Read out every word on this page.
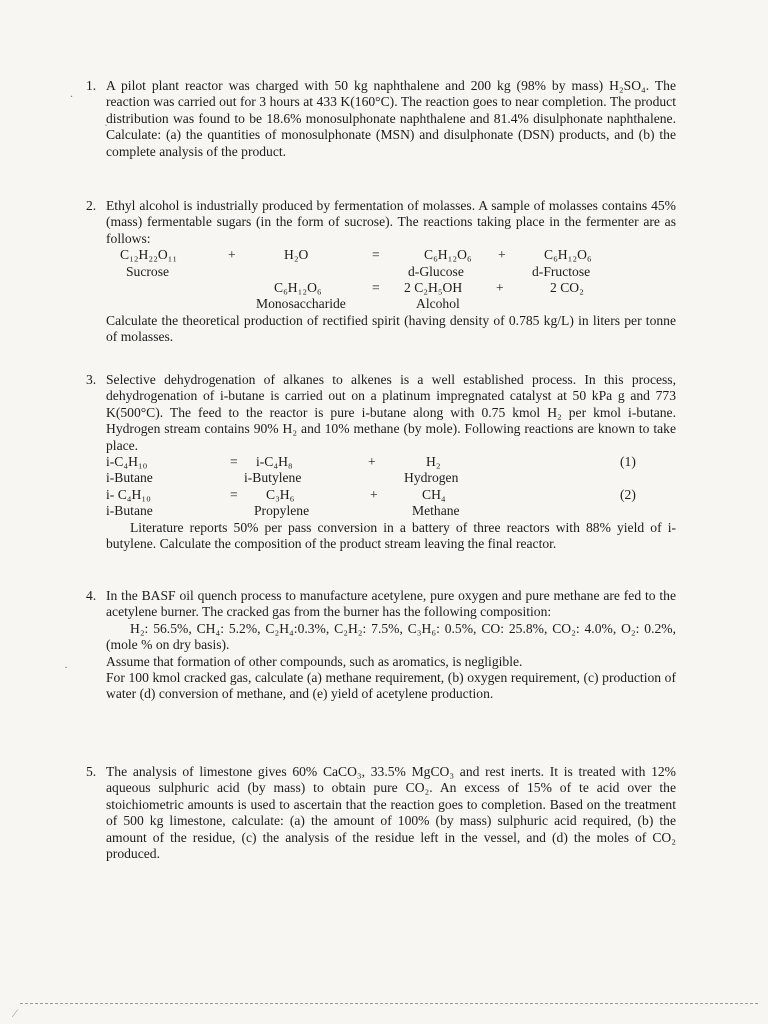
.
·
·
1. A pilot plant reactor was charged with 50 kg naphthalene and 200 kg (98% by mass) H₂SO₄. The reaction was carried out for 3 hours at 433 K(160°C). The reaction goes to near completion. The product distribution was found to be 18.6% monosulphonate naphthalene and 81.4% disulphonate naphthalene. Calculate: (a) the quantities of monosulphonate (MSN) and disulphonate (DSN) products, and (b) the complete analysis of the product.

2. Ethyl alcohol is industrially produced by fermentation of molasses. A sample of molasses contains 45% (mass) fermentable sugars (in the form of sucrose). The reactions taking place in the fermenter are as follows:

C₁₂H₂₂O₁₁	+	H₂O	=	C₆H₁₂O₆ +	C₆H₁₂O₆
Sucrose	d-Glucose	d-Fructose
C₆H₁₂O₆	= 2 C₂H₅OH +	2 CO₂
Monosaccharide	Alcohol

Calculate the theoretical production of rectified spirit (having density of 0.785 kg/L) in liters per tonne of molasses.

3. Selective dehydrogenation of alkanes to alkenes is a well established process. In this process, dehydrogenation of i-butane is carried out on a platinum impregnated catalyst at 50 kPa g and 773 K(500°C). The feed to the reactor is pure i-butane along with 0.75 kmol H₂ per kmol i-butane. Hydrogen stream contains 90% H₂ and 10% methane (by mole). Following reactions are known to take place.

i-C₄H₁₀	= i-C₄H₈	+	H₂	(1)
i-Butane	i-Butylene	Hydrogen
i- C₄H₁₀	= C₃H₆	+	CH₄	(2)
i-Butane	Propylene	Methane

Literature reports 50% per pass conversion in a battery of three reactors with 88% yield of i-butylene. Calculate the composition of the product stream leaving the final reactor.

4. In the BASF oil quench process to manufacture acetylene, pure oxygen and pure methane are fed to the acetylene burner. The cracked gas from the burner has the following composition:

H₂: 56.5%, CH₄: 5.2%, C₂H₄:0.3%, C₂H₂: 7.5%, C₃H₆: 0.5%, CO: 25.8%, CO₂: 4.0%, O₂: 0.2%, (mole % on dry basis).

Assume that formation of other compounds, such as aromatics, is negligible.

For 100 kmol cracked gas, calculate (a) methane requirement, (b) oxygen requirement, (c) production of water (d) conversion of methane, and (e) yield of acetylene production.

5. The analysis of limestone gives 60% CaCO₃, 33.5% MgCO₃ and rest inerts. It is treated with 12% aqueous sulphuric acid (by mass) to obtain pure CO₂. An excess of 15% of te acid over the stoichiometric amounts is used to ascertain that the reaction goes to completion. Based on the treatment of 500 kg limestone, calculate: (a) the amount of 100% (by mass) sulphuric acid required, (b) the amount of the residue, (c) the analysis of the residue left in the vessel, and (d) the moles of CO₂ produced.

⁄
